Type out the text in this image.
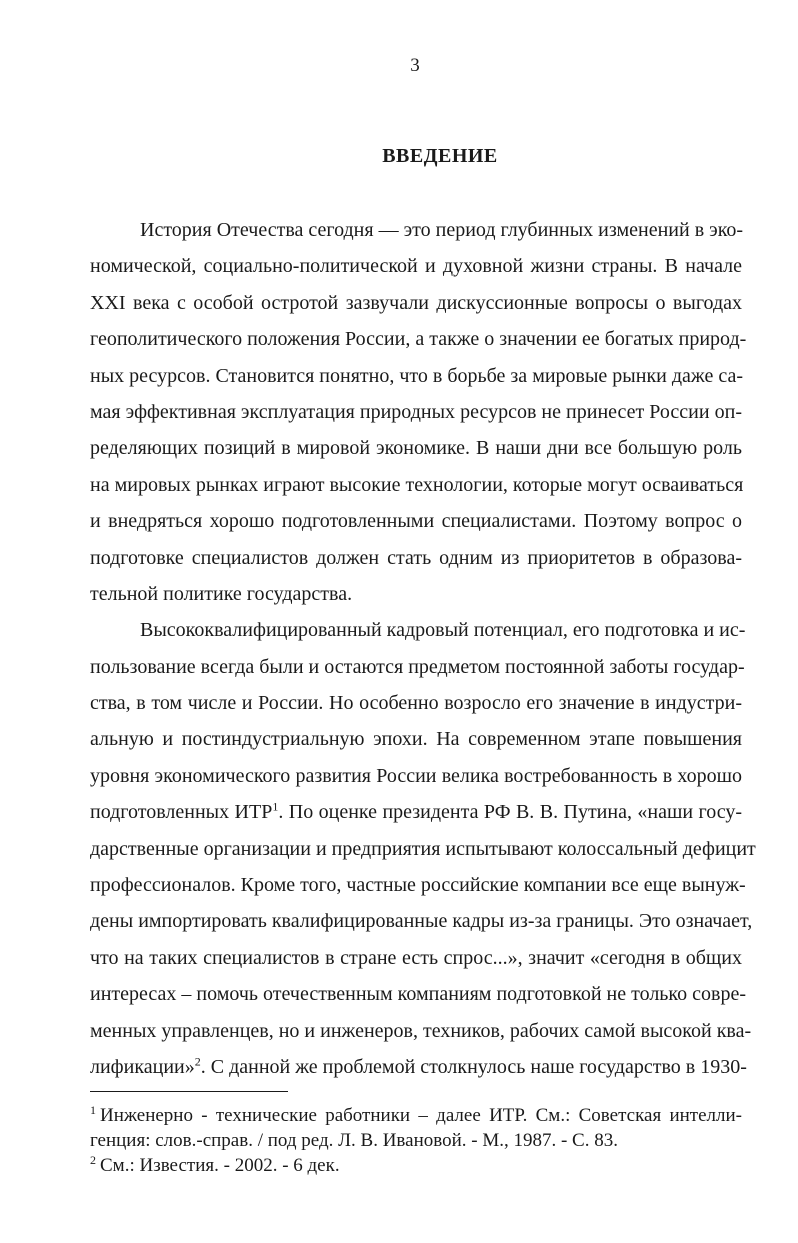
3
ВВЕДЕНИЕ
История Отечества сегодня — это период глубинных изменений в эко-
номической, социально-политической и духовной жизни страны. В начале
XXI века с особой остротой зазвучали дискуссионные вопросы о выгодах
геополитического положения России, а также о значении ее богатых природ-
ных ресурсов. Становится понятно, что в борьбе за мировые рынки даже са-
мая эффективная эксплуатация природных ресурсов не принесет России оп-
ределяющих позиций в мировой экономике. В наши дни все большую роль
на мировых рынках играют высокие технологии, которые могут осваиваться
и внедряться хорошо подготовленными специалистами. Поэтому вопрос о
подготовке специалистов должен стать одним из приоритетов в образова-
тельной политике государства.
Высококвалифицированный кадровый потенциал, его подготовка и ис-
пользование всегда были и остаются предметом постоянной заботы государ-
ства, в том числе и России. Но особенно возросло его значение в индустри-
альную и постиндустриальную эпохи. На современном этапе повышения
уровня экономического развития России велика востребованность в хорошо
подготовленных ИТР$^1$. По оценке президента РФ В. В. Путина, «наши госу-
дарственные организации и предприятия испытывают колоссальный дефицит
профессионалов. Кроме того, частные российские компании все еще вынуж-
дены импортировать квалифицированные кадры из-за границы. Это означает,
что на таких специалистов в стране есть спрос...», значит «сегодня в общих
интересах – помочь отечественным компаниям подготовкой не только совре-
менных управленцев, но и инженеров, техников, рабочих самой высокой ква-
лификации»$^2$. С данной же проблемой столкнулось наше государство в 1930-
$^1$ Инженерно - технические работники – далее ИТР. См.: Советская интелли-
генция: слов.-справ. / под ред. Л. В. Ивановой. - М., 1987. - С. 83.
$^2$ См.: Известия. - 2002. - 6 дек.
